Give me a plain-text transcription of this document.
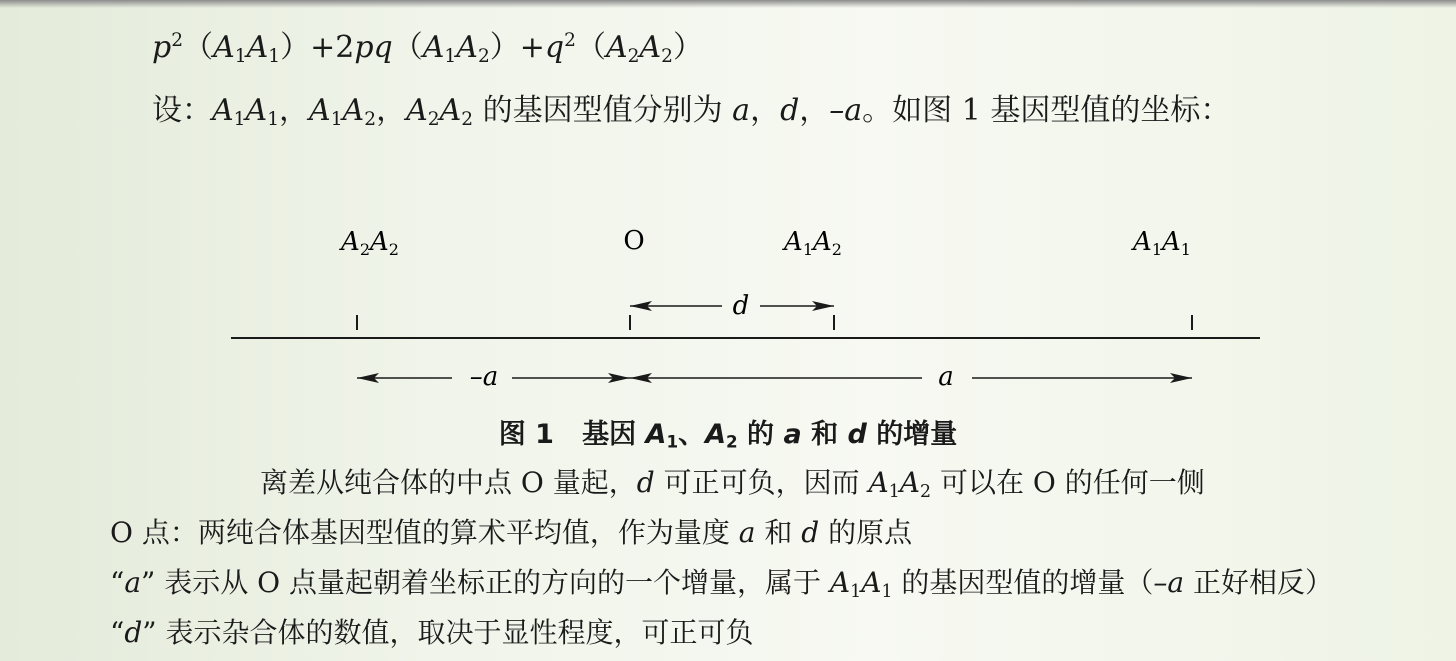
$p^2(A_1A_1)+2pq(A_1A_2)+q^2(A_2A_2)$
设：$A_1A_1$，$A_1A_2$，$A_2A_2$ 的基因型值分别为 a，d，–a。如图 1 基因型值的坐标：
A2A2	O	A1A2	A1A1
d
–a	a
图 1 基因 $A_1$、$A_2$ 的 a 和 d 的增量
离差从纯合体的中点 O 量起，d 可正可负，因而 $A_1A_2$ 可以在 O 的任何一侧
O 点：两纯合体基因型值的算术平均值，作为量度 a 和 d 的原点
“a” 表示从 O 点量起朝着坐标正的方向的一个增量，属于 $A_1A_1$ 的基因型值的增量（–a 正好相反）
“d” 表示杂合体的数值，取决于显性程度，可正可负
